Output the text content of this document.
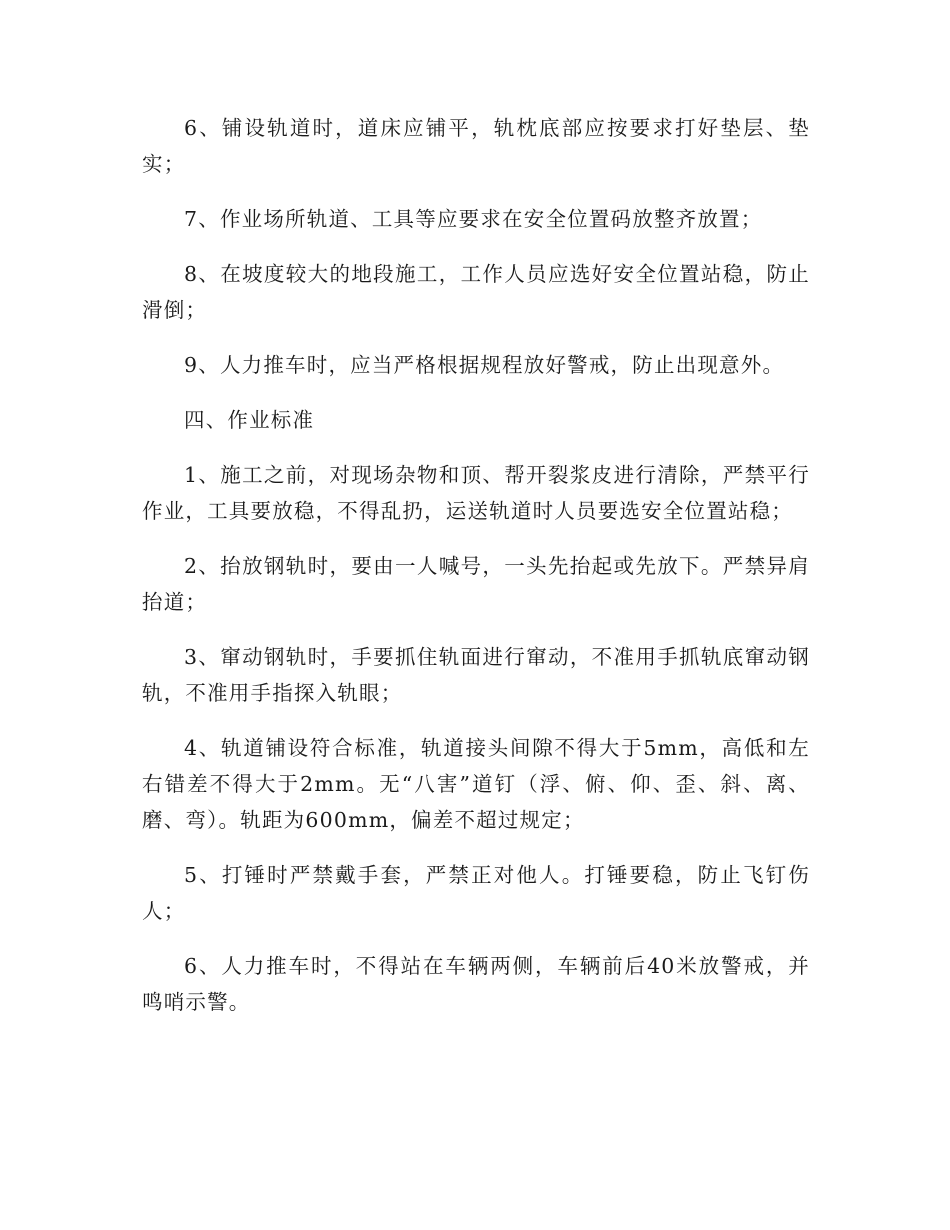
6、铺设轨道时，道床应铺平，轨枕底部应按要求打好垫层、垫实；

7、作业场所轨道、工具等应要求在安全位置码放整齐放置；

8、在坡度较大的地段施工，工作人员应选好安全位置站稳，防止滑倒；

9、人力推车时，应当严格根据规程放好警戒，防止出现意外。

四、作业标准

1、施工之前，对现场杂物和顶、帮开裂浆皮进行清除，严禁平行作业，工具要放稳，不得乱扔，运送轨道时人员要选安全位置站稳；

2、抬放钢轨时，要由一人喊号，一头先抬起或先放下。严禁异肩抬道；

3、窜动钢轨时，手要抓住轨面进行窜动，不准用手抓轨底窜动钢轨，不准用手指探入轨眼；

4、轨道铺设符合标准，轨道接头间隙不得大于5mm，高低和左右错差不得大于2mm。无“八害”道钉（浮、俯、仰、歪、斜、离、磨、弯）。轨距为600mm，偏差不超过规定；

5、打锤时严禁戴手套，严禁正对他人。打锤要稳，防止飞钉伤人；

6、人力推车时，不得站在车辆两侧，车辆前后40米放警戒，并鸣哨示警。
